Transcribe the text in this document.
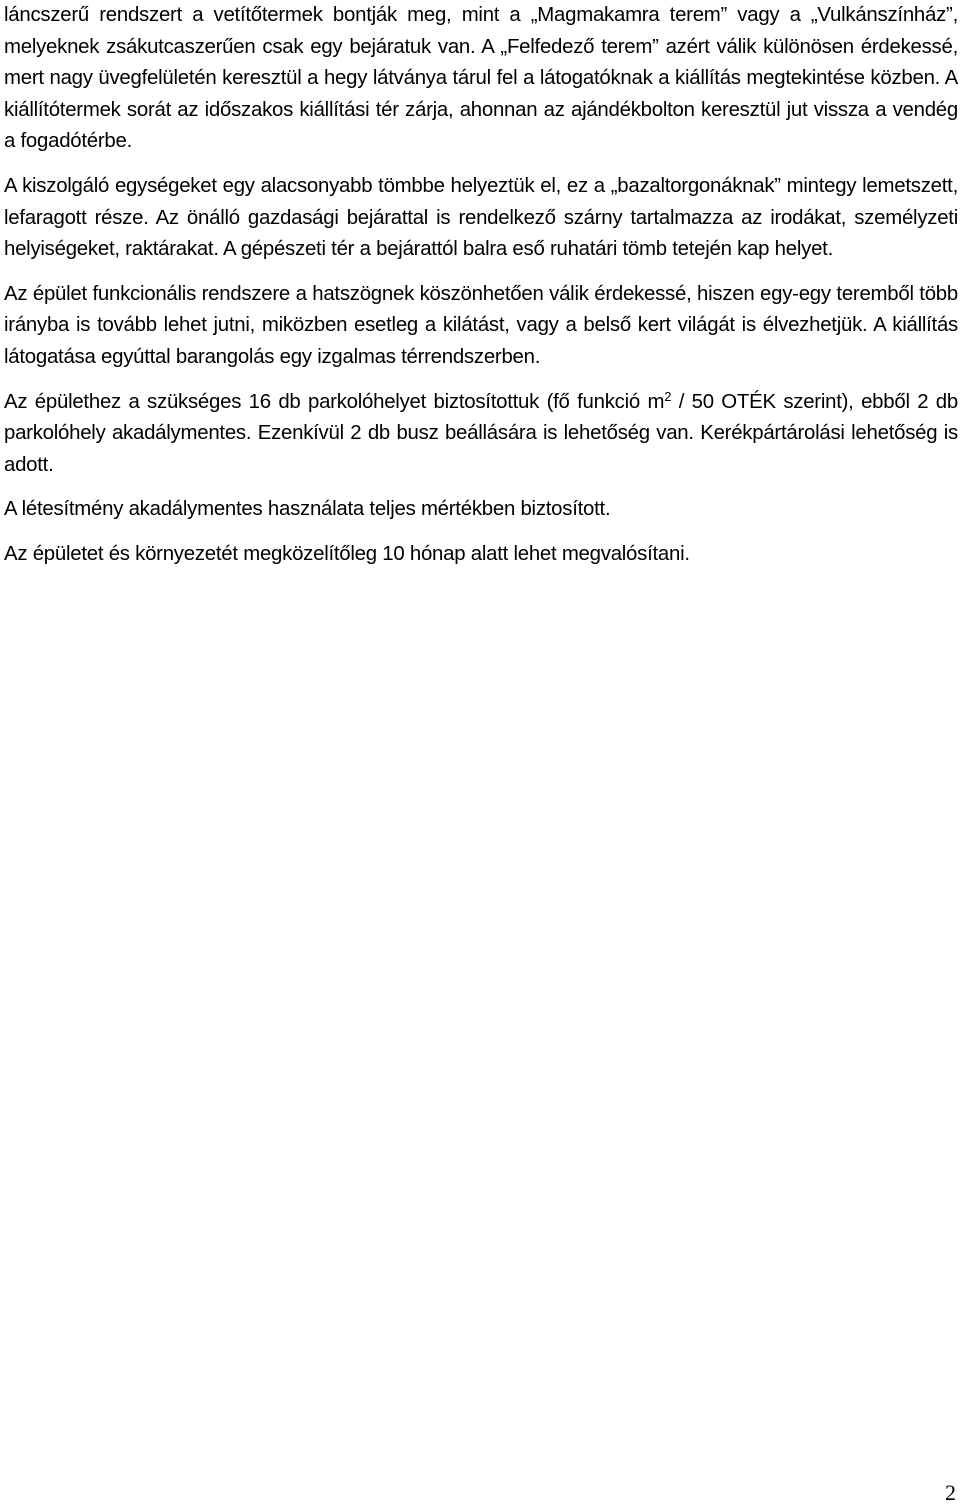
láncszerű rendszert a vetítőtermek bontják meg, mint a „Magmakamra terem” vagy a „Vulkánszínház”, melyeknek zsákutcaszerűen csak egy bejáratuk van. A „Felfedező terem” azért válik különösen érdekessé, mert nagy üvegfelületén keresztül a hegy látványa tárul fel a látogatóknak a kiállítás megtekintése közben. A kiállítótermek sorát az időszakos kiállítási tér zárja, ahonnan az ajándékbolton keresztül jut vissza a vendég a fogadótérbe.

A kiszolgáló egységeket egy alacsonyabb tömbbe helyeztük el, ez a „bazaltorgonáknak” mintegy lemetszett, lefaragott része. Az önálló gazdasági bejárattal is rendelkező szárny tartalmazza az irodákat, személyzeti helyiségeket, raktárakat. A gépészeti tér a bejárattól balra eső ruhatári tömb tetején kap helyet.

Az épület funkcionális rendszere a hatszögnek köszönhetően válik érdekessé, hiszen egy-egy teremből több irányba is tovább lehet jutni, miközben esetleg a kilátást, vagy a belső kert világát is élvezhetjük. A kiállítás látogatása egyúttal barangolás egy izgalmas térrendszerben.

Az épülethez a szükséges 16 db parkolóhelyet biztosítottuk (fő funkció $m^2 / 50$ OTÉK szerint), ebből 2 db parkolóhely akadálymentes. Ezenkívül 2 db busz beállására is lehetőség van. Kerékpártárolási lehetőség is adott.

A létesítmény akadálymentes használata teljes mértékben biztosított.

Az épületet és környezetét megközelítőleg 10 hónap alatt lehet megvalósítani.

2
